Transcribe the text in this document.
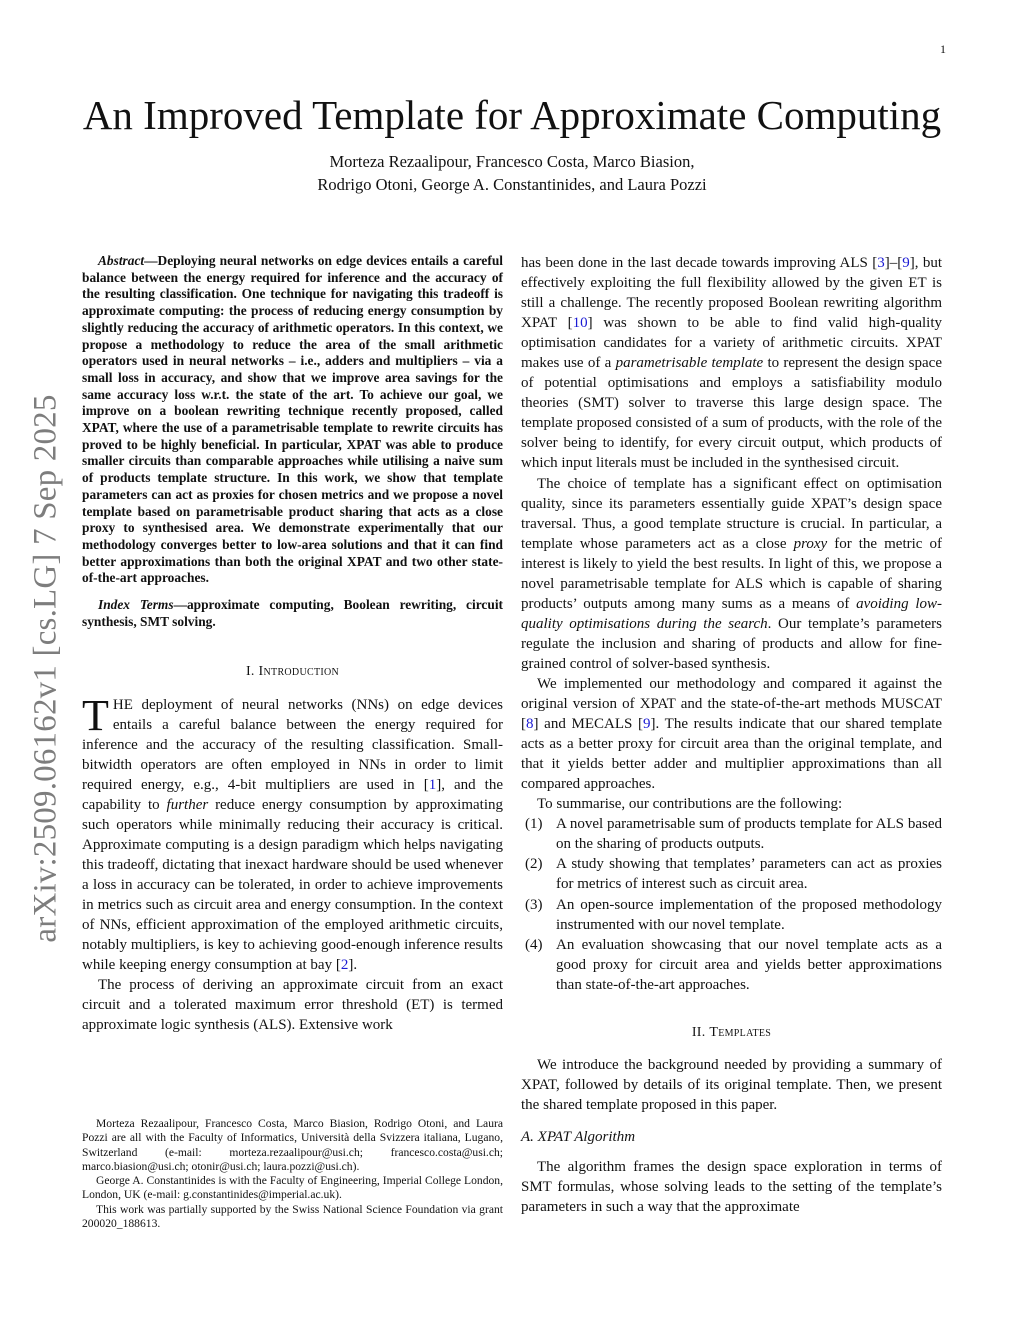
1
arXiv:2509.06162v1 [cs.LG] 7 Sep 2025
An Improved Template for Approximate Computing
Morteza Rezaalipour, Francesco Costa, Marco Biasion,
Rodrigo Otoni, George A. Constantinides, and Laura Pozzi

Abstract—Deploying neural networks on edge devices entails a careful balance between the energy required for inference and the accuracy of the resulting classification. One technique for navigating this tradeoff is approximate computing: the process of reducing energy consumption by slightly reducing the accuracy of arithmetic operators. In this context, we propose a methodology to reduce the area of the small arithmetic operators used in neural networks – i.e., adders and multipliers – via a small loss in accuracy, and show that we improve area savings for the same accuracy loss w.r.t. the state of the art. To achieve our goal, we improve on a boolean rewriting technique recently proposed, called XPAT, where the use of a parametrisable template to rewrite circuits has proved to be highly beneficial. In particular, XPAT was able to produce smaller circuits than comparable approaches while utilising a naive sum of products template structure. In this work, we show that template parameters can act as proxies for chosen metrics and we propose a novel template based on parametrisable product sharing that acts as a close proxy to synthesised area. We demonstrate experimentally that our methodology converges better to low-area solutions and that it can find better approximations than both the original XPAT and two other state-of-the-art approaches.

Index Terms—approximate computing, Boolean rewriting, circuit synthesis, SMT solving.

I. Introduction

THE deployment of neural networks (NNs) on edge devices entails a careful balance between the energy required for inference and the accuracy of the resulting classification. Small-bitwidth operators are often employed in NNs in order to limit required energy, e.g., 4-bit multipliers are used in [1], and the capability to further reduce energy consumption by approximating such operators while minimally reducing their accuracy is critical. Approximate computing is a design paradigm which helps navigating this tradeoff, dictating that inexact hardware should be used whenever a loss in accuracy can be tolerated, in order to achieve improvements in metrics such as circuit area and energy consumption. In the context of NNs, efficient approximation of the employed arithmetic circuits, notably multipliers, is key to achieving good-enough inference results while keeping energy consumption at bay [2].

The process of deriving an approximate circuit from an exact circuit and a tolerated maximum error threshold (ET) is termed approximate logic synthesis (ALS). Extensive work

Morteza Rezaalipour, Francesco Costa, Marco Biasion, Rodrigo Otoni, and Laura Pozzi are all with the Faculty of Informatics, Università della Svizzera italiana, Lugano, Switzerland (e-mail: morteza.rezaalipour@usi.ch; francesco.costa@usi.ch; marco.biasion@usi.ch; otonir@usi.ch; laura.pozzi@usi.ch).

George A. Constantinides is with the Faculty of Engineering, Imperial College London, London, UK (e-mail: g.constantinides@imperial.ac.uk).

This work was partially supported by the Swiss National Science Foundation via grant 200020_188613.

has been done in the last decade towards improving ALS [3]–[9], but effectively exploiting the full flexibility allowed by the given ET is still a challenge. The recently proposed Boolean rewriting algorithm XPAT [10] was shown to be able to find valid high-quality optimisation candidates for a variety of arithmetic circuits. XPAT makes use of a parametrisable template to represent the design space of potential optimisations and employs a satisfiability modulo theories (SMT) solver to traverse this large design space. The template proposed consisted of a sum of products, with the role of the solver being to identify, for every circuit output, which products of which input literals must be included in the synthesised circuit.

The choice of template has a significant effect on optimisation quality, since its parameters essentially guide XPAT’s design space traversal. Thus, a good template structure is crucial. In particular, a template whose parameters act as a close proxy for the metric of interest is likely to yield the best results. In light of this, we propose a novel parametrisable template for ALS which is capable of sharing products’ outputs among many sums as a means of avoiding low-quality optimisations during the search. Our template’s parameters regulate the inclusion and sharing of products and allow for fine-grained control of solver-based synthesis.

We implemented our methodology and compared it against the original version of XPAT and the state-of-the-art methods MUSCAT [8] and MECALS [9]. The results indicate that our shared template acts as a better proxy for circuit area than the original template, and that it yields better adder and multiplier approximations than all compared approaches.

To summarise, our contributions are the following:

(1) A novel parametrisable sum of products template for ALS based on the sharing of products outputs.
(2) A study showing that templates’ parameters can act as proxies for metrics of interest such as circuit area.
(3) An open-source implementation of the proposed methodology instrumented with our novel template.
(4) An evaluation showcasing that our novel template acts as a good proxy for circuit area and yields better approximations than state-of-the-art approaches.
II. Templates

We introduce the background needed by providing a summary of XPAT, followed by details of its original template. Then, we present the shared template proposed in this paper.

A. XPAT Algorithm

The algorithm frames the design space exploration in terms of SMT formulas, whose solving leads to the setting of the template’s parameters in such a way that the approximate
